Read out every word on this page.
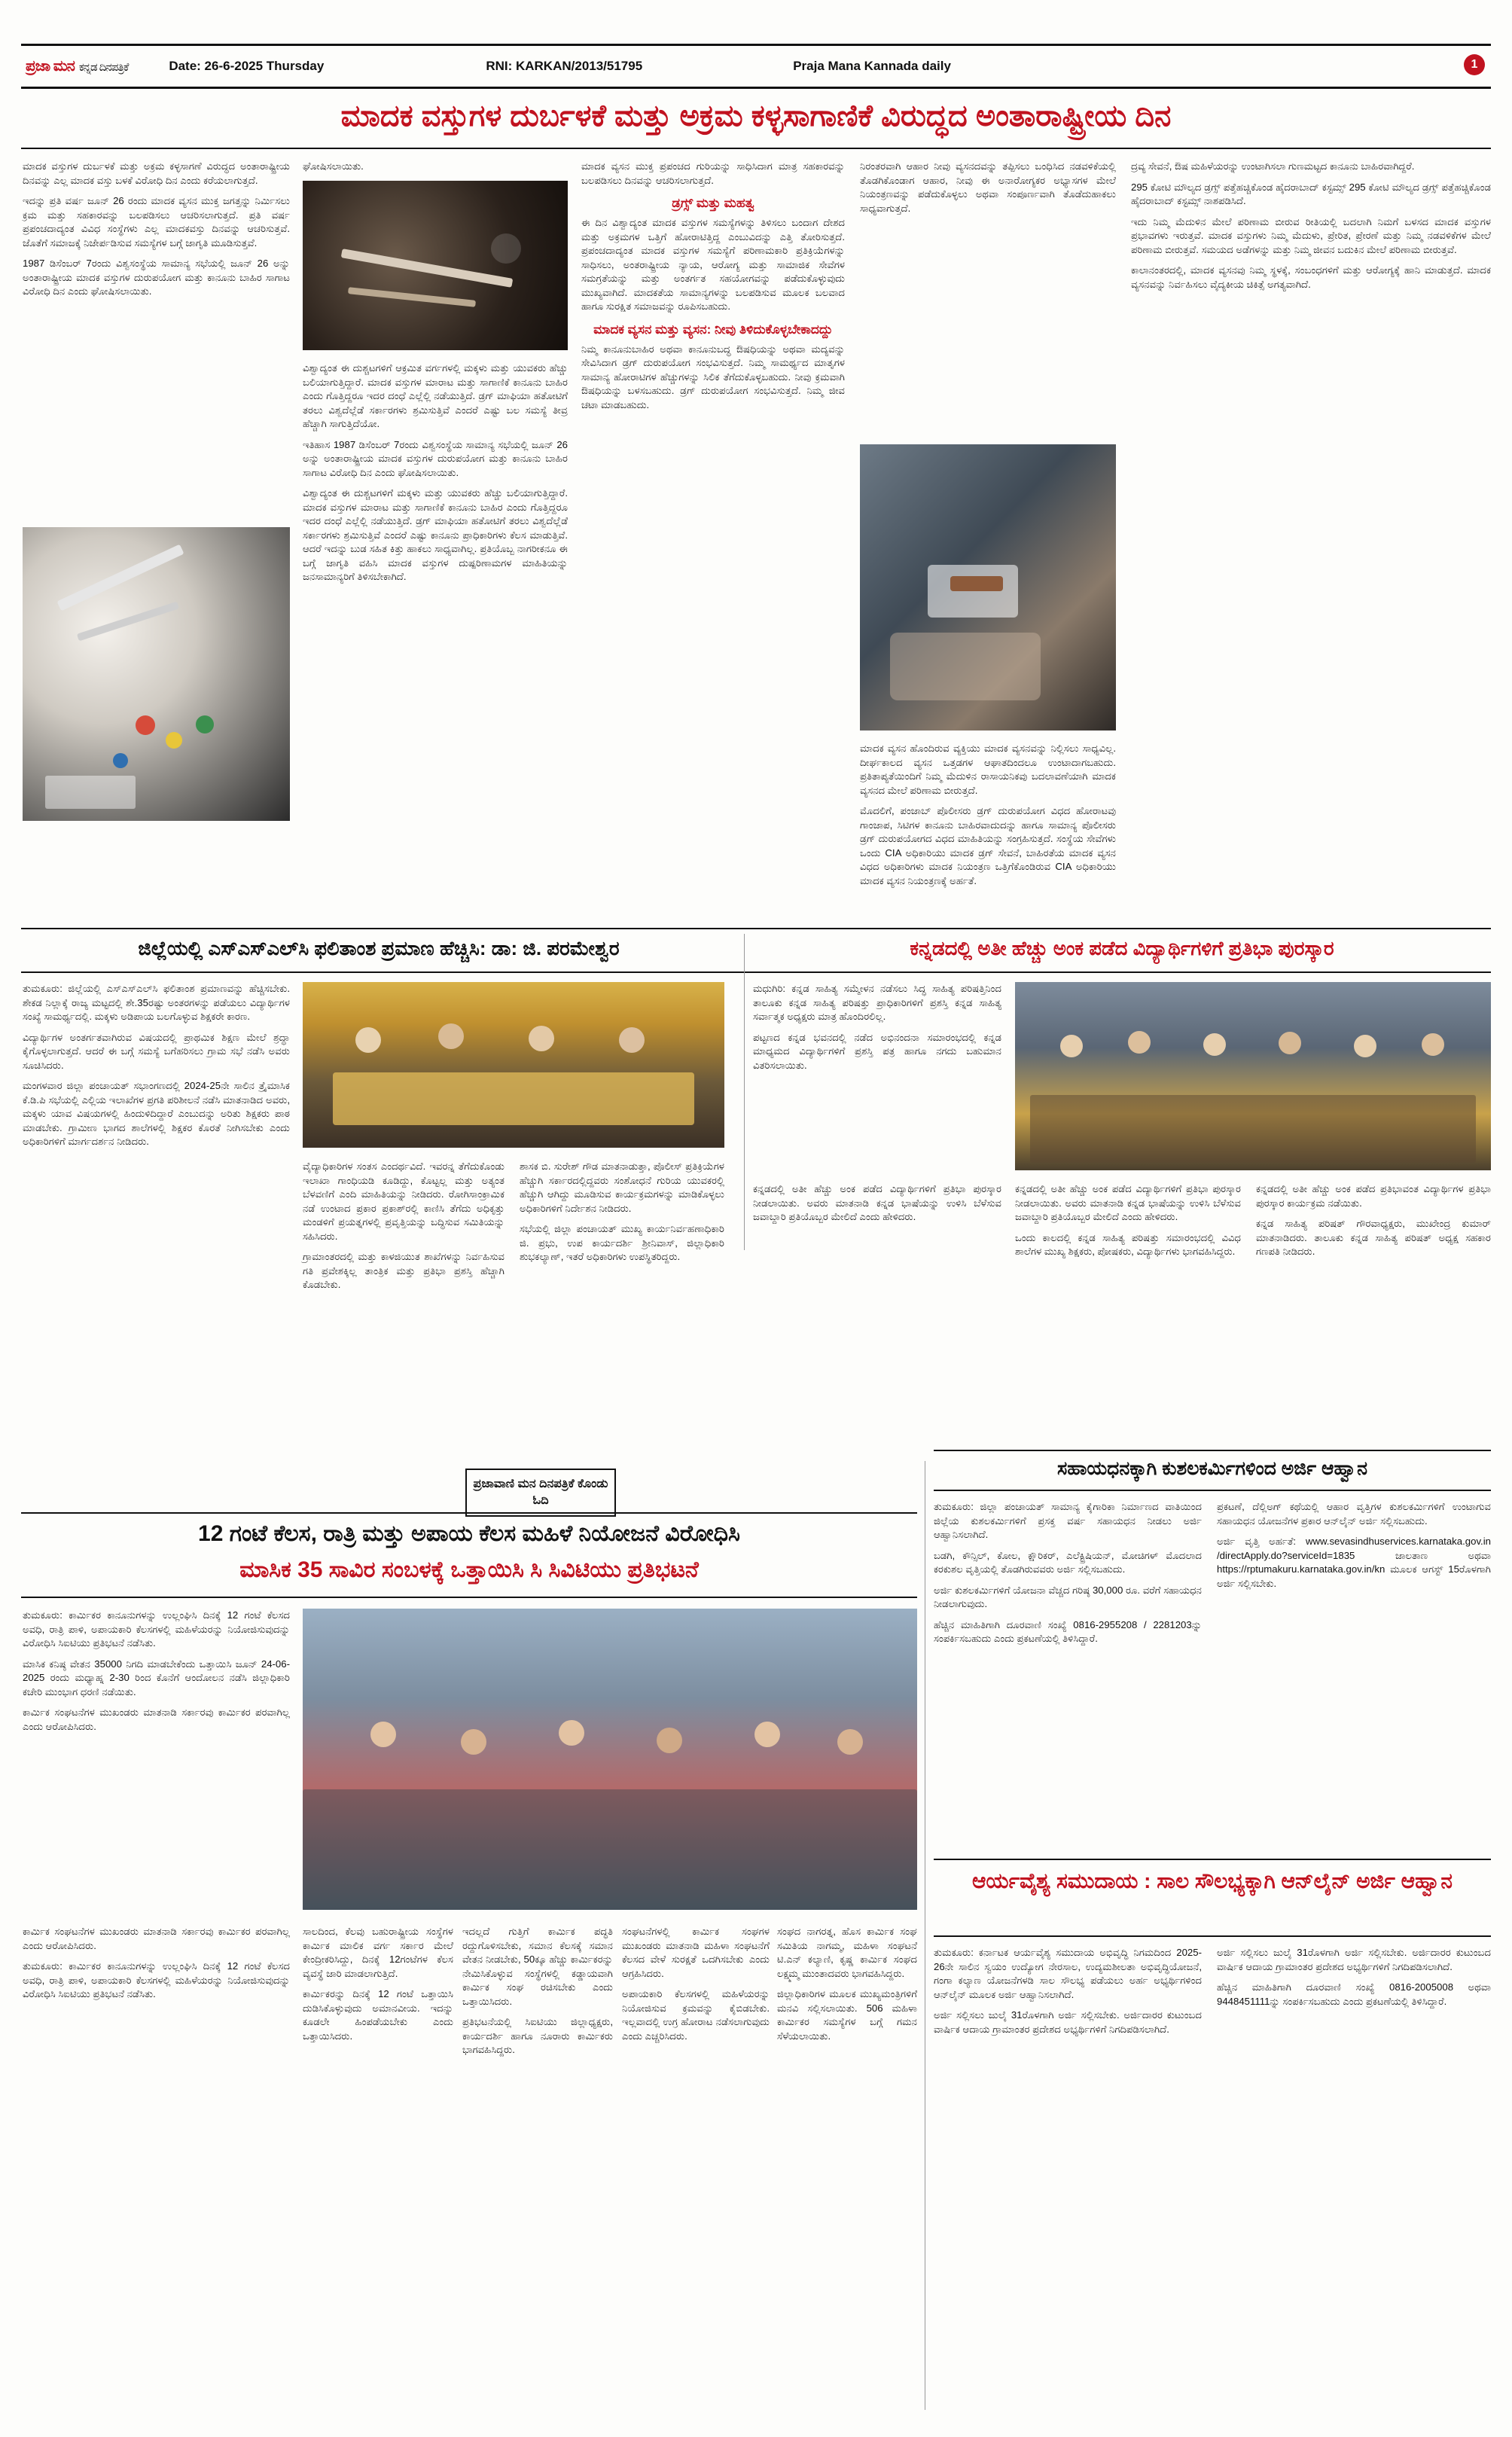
ಪ್ರಜಾ ಮನ ಕನ್ನಡ ದಿನಪತ್ರಿಕೆ	Date: 26-6-2025 Thursday	RNI: KARKAN/2013/51795	Praja Mana Kannada daily	1
ಮಾದಕ ವಸ್ತುಗಳ ದುರ್ಬಳಕೆ ಮತ್ತು ಅಕ್ರಮ ಕಳ್ಳಸಾಗಾಣಿಕೆ ವಿರುದ್ಧದ ಅಂತಾರಾಷ್ಟ್ರೀಯ ದಿನ

ಮಾದಕ ವಸ್ತುಗಳ ದುರ್ಬಳಕೆ ಮತ್ತು ಅಕ್ರಮ ಕಳ್ಳಸಾಗಣೆ ವಿರುದ್ಧದ ಅಂತಾರಾಷ್ಟ್ರೀಯ ದಿನವನ್ನು ಎಲ್ಲ ಮಾದಕ ವಸ್ತು ಬಳಕೆ ವಿರೋಧಿ ದಿನ ಎಂದು ಕರೆಯಲಾಗುತ್ತದೆ.

ಇದನ್ನು ಪ್ರತಿ ವರ್ಷ ಜೂನ್ 26 ರಂದು ಮಾದಕ ವ್ಯಸನ ಮುಕ್ತ ಜಗತ್ತನ್ನು ನಿರ್ಮಿಸಲು ಕ್ರಮ ಮತ್ತು ಸಹಕಾರವನ್ನು ಬಲಪಡಿಸಲು ಆಚರಿಸಲಾಗುತ್ತದೆ. ಪ್ರತಿ ವರ್ಷ ಪ್ರಪಂಚದಾದ್ಯಂತ ವಿವಿಧ ಸಂಸ್ಥೆಗಳು ಎಲ್ಲ ಮಾದಕವಸ್ತು ದಿನವನ್ನು ಆಚರಿಸುತ್ತವೆ. ಜೊತೆಗೆ ಸಮಾಜಕ್ಕೆ ನಿಜೇರ್ಪಡಿಸುವ ಸಮಸ್ಯೆಗಳ ಬಗ್ಗೆ ಜಾಗೃತಿ ಮೂಡಿಸುತ್ತವೆ.

1987 ಡಿಸೆಂಬರ್ 7ರಂದು ವಿಶ್ವಸಂಸ್ಥೆಯ ಸಾಮಾನ್ಯ ಸಭೆಯಲ್ಲಿ ಜೂನ್ 26 ಅನ್ನು ಅಂತಾರಾಷ್ಟ್ರೀಯ ಮಾದಕ ವಸ್ತುಗಳ ದುರುಪಯೋಗ ಮತ್ತು ಕಾನೂನು ಬಾಹಿರ ಸಾಗಾಟ ವಿರೋಧಿ ದಿನ ಎಂದು ಘೋಷಿಸಲಾಯಿತು.

ಘೋಷಿಸಲಾಯಿತು.

ವಿಶ್ವಾದ್ಯಂತ ಈ ದುಶ್ಚಟಗಳಿಗೆ ಆಕ್ರಮಿತ ವರ್ಗಗಳಲ್ಲಿ ಮಕ್ಕಳು ಮತ್ತು ಯುವಕರು ಹೆಚ್ಚು ಬಲಿಯಾಗುತ್ತಿದ್ದಾರೆ. ಮಾದಕ ವಸ್ತುಗಳ ಮಾರಾಟ ಮತ್ತು ಸಾಗಾಣಿಕೆ ಕಾನೂನು ಬಾಹಿರ ಎಂದು ಗೊತ್ತಿದ್ದರೂ ಇದರ ದಂಧೆ ಎಲ್ಲೆಲ್ಲಿ ನಡೆಯುತ್ತಿದೆ. ಡ್ರಗ್ ಮಾಫಿಯಾ ಹತೋಟಿಗೆ ತರಲು ವಿಶ್ವದೆಲ್ಲೆಡೆ ಸರ್ಕಾರಗಳು ಶ್ರಮಿಸುತ್ತಿವೆ ಎಂದರೆ ಎಷ್ಟು ಬಲ ಸಮಸ್ಯೆ ತೀವ್ರ ಹೆಚ್ಚಾಗಿ ಸಾಗುತ್ತಿದೆಯೋ.

ಇತಿಹಾಸ 1987 ಡಿಸೆಂಬರ್ 7ರಂದು ವಿಶ್ವಸಂಸ್ಥೆಯ ಸಾಮಾನ್ಯ ಸಭೆಯಲ್ಲಿ ಜೂನ್ 26 ಅನ್ನು ಅಂತಾರಾಷ್ಟ್ರೀಯ ಮಾದಕ ವಸ್ತುಗಳ ದುರುಪಯೋಗ ಮತ್ತು ಕಾನೂನು ಬಾಹಿರ ಸಾಗಾಟ ವಿರೋಧಿ ದಿನ ಎಂದು ಘೋಷಿಸಲಾಯಿತು.

ವಿಶ್ವಾದ್ಯಂತ ಈ ದುಶ್ಚಟಗಳಿಗೆ ಮಕ್ಕಳು ಮತ್ತು ಯುವಕರು ಹೆಚ್ಚು ಬಲಿಯಾಗುತ್ತಿದ್ದಾರೆ. ಮಾದಕ ವಸ್ತುಗಳ ಮಾರಾಟ ಮತ್ತು ಸಾಗಾಣಿಕೆ ಕಾನೂನು ಬಾಹಿರ ಎಂದು ಗೊತ್ತಿದ್ದರೂ ಇದರ ದಂಧೆ ಎಲ್ಲೆಲ್ಲಿ ನಡೆಯುತ್ತಿದೆ. ಡ್ರಗ್ ಮಾಫಿಯಾ ಹತೋಟಿಗೆ ತರಲು ವಿಶ್ವದೆಲ್ಲೆಡೆ ಸರ್ಕಾರಗಳು ಶ್ರಮಿಸುತ್ತಿವೆ ಎಂದರೆ ಎಷ್ಟು ಕಾನೂನು ಪ್ರಾಧಿಕಾರಿಗಳು ಕೆಲಸ ಮಾಡುತ್ತಿವೆ. ಆದರೆ ಇದನ್ನು ಬುಡ ಸಹಿತ ಕಿತ್ತು ಹಾಕಲು ಸಾಧ್ಯವಾಗಿಲ್ಲ. ಪ್ರತಿಯೊಬ್ಬ ನಾಗರೀಕನೂ ಈ ಬಗ್ಗೆ ಜಾಗೃತಿ ವಹಿಸಿ ಮಾದಕ ವಸ್ತುಗಳ ದುಷ್ಪರಿಣಾಮಗಳ ಮಾಹಿತಿಯನ್ನು ಜನಸಾಮಾನ್ಯರಿಗೆ ತಿಳಿಸಬೇಕಾಗಿದೆ.

ಮಾದಕ ವ್ಯಸನ ಮುಕ್ತ ಪ್ರಪಂಚದ ಗುರಿಯನ್ನು ಸಾಧಿಸಿದಾಗ ಮಾತ್ರ ಸಹಕಾರವನ್ನು ಬಲಪಡಿಸಲು ದಿನವನ್ನು ಆಚರಿಸಲಾಗುತ್ತದೆ.

ಡ್ರಗ್ಸ್ ಮತ್ತು ಮಹತ್ವ

ಈ ದಿನ ವಿಶ್ವಾದ್ಯಂತ ಮಾದಕ ವಸ್ತುಗಳ ಸಮಸ್ಯೆಗಳನ್ನು ತಿಳಿಸಲು ಬಂದಾಗ ದೇಶದ ಮತ್ತು ಅಕ್ರಮಗಳ ಒತ್ತಿಗೆ ಹೋರಾಟಿತ್ತಿದ್ದ ಎಂಬುವಿದನ್ನು ಎತ್ತಿ ತೋರಿಸುತ್ತದೆ. ಪ್ರಪಂಚದಾದ್ಯಂತ ಮಾದಕ ವಸ್ತುಗಳ ಸಮಸ್ಯೆಗೆ ಪರಿಣಾಮಕಾರಿ ಪ್ರತಿಕ್ರಿಯೆಗಳನ್ನು ಸಾಧಿಸಲು, ಅಂತರಾಷ್ಟ್ರೀಯ ನ್ಯಾಯ, ಆರೋಗ್ಯ ಮತ್ತು ಸಾಮಾಜಿಕ ಸೇವೆಗಳ ಸಮಗ್ರತೆಯನ್ನು ಮತ್ತು ಅಂತರ್ಗತ ಸಹಯೋಗವನ್ನು ಪಡೆದುಕೊಳ್ಳುವುದು ಮುಖ್ಯವಾಗಿದೆ. ಮಾದಕತೆಯ ಸಾಮಾನ್ಯಗಳನ್ನು ಬಲಪಡಿಸುವ ಮೂಲಕ ಬಲವಾದ ಹಾಗೂ ಸುರಕ್ಷಿತ ಸಮಾಜವನ್ನು ರೂಪಿಸಬಹುದು.

ಮಾದಕ ವ್ಯಸನ ಮತ್ತು ವ್ಯಸನ: ನೀವು ತಿಳಿದುಕೊಳ್ಳಬೇಕಾದದ್ದು

ನಿಮ್ಮ ಕಾನೂನುಬಾಹಿರ ಅಥವಾ ಕಾನೂನುಬದ್ಧ ಔಷಧಿಯನ್ನು ಅಥವಾ ಮದ್ಯವನ್ನು ಸೇವಿಸಿದಾಗ ಡ್ರಗ್ ದುರುಪಯೋಗ ಸಂಭವಿಸುತ್ತದೆ. ನಿಮ್ಮ ಸಾಮರ್ಥ್ಯದ ಮಾತೃಗಳ ಸಾಮಾನ್ಯ ಹೋರಾಟಿಗಳ ಹೆಚ್ಚುಗಳನ್ನು ಸಿಲಿಕ ತೆಗೆದುಕೊಳ್ಳಬಹುದು. ನೀವು ಕ್ರಮವಾಗಿ ಔಷಧಿಯನ್ನು ಬಳಸಬಹುದು. ಡ್ರಗ್ ದುರುಪಯೋಗ ಸಂಭವಿಸುತ್ತದೆ. ನಿಮ್ಮ ಜೀವ ಚಟಾ ಮಾಡಬಹುದು.

ನಿರಂತರವಾಗಿ ಆಹಾರ ನೀವು ವ್ಯಸನದವನ್ನು ತಪ್ಪಿಸಲು ಬಂಧಿಸಿದ ನಡವಳಿಕೆಯಲ್ಲಿ ತೊಡಗಿಕೊಂಡಾಗ ಆಹಾರ, ನೀವು ಈ ಅನಾರೋಗ್ಯಕರ ಅಭ್ಯಾಸಗಳ ಮೇಲೆ ನಿಯಂತ್ರಣವನ್ನು ಪಡೆದುಕೊಳ್ಳಲು ಅಥವಾ ಸಂಪೂರ್ಣವಾಗಿ ತೊಡೆದುಹಾಕಲು ಸಾಧ್ಯವಾಗುತ್ತದೆ.

ಮಾದಕ ವ್ಯಸನ ಹೊಂದಿರುವ ವ್ಯಕ್ತಿಯು ಮಾದಕ ವ್ಯಸನವನ್ನು ನಿಲ್ಲಿಸಲು ಸಾಧ್ಯವಿಲ್ಲ. ದೀರ್ಘಕಾಲದ ವ್ಯಸನ ಒತ್ತಡಗಳ ಆಘಾತದಿಂದಲೂ ಉಂಟಾದಾಗಬಹುದು. ಪ್ರತಿತಾಪ್ಯತೆಯಿಂದಿಗೆ ನಿಮ್ಮ ಮೆದುಳಿನ ರಾಸಾಯನಿಕವು ಬದಲಾವಣೆಯಾಗಿ ಮಾದಕ ವ್ಯಸನದ ಮೇಲೆ ಪರಿಣಾಮ ಬೀರುತ್ತದೆ.

ಮೊದಲಿಗೆ, ಪಂಜಾಬ್ ಪೊಲೀಸರು ಡ್ರಗ್ ದುರುಪಯೋಗ ವಿಧದ ಹೋರಾಟವು ಗಾಂಜಾಪ, ಸಿಟಿಗಳ ಕಾನೂನು ಬಾಹಿರವಾದುದನ್ನು ಹಾಗೂ ಸಾಮಾನ್ಯ ಪೊಲೀಸರು ಡ್ರಗ್ ದುರುಪಯೋಗದ ವಿಧದ ಮಾಹಿತಿಯನ್ನು ಸಂಗ್ರಹಿಸುತ್ತದೆ. ಸಂಸ್ಥೆಯ ಸೇವೆಗಳು ಒಂದು CIA ಅಧಿಕಾರಿಯು ಮಾದಕ ಡ್ರಗ್ ಸೇವನೆ, ಬಾಹಿರತೆಯ ಮಾದಕ ವ್ಯಸನ ವಿಧದ ಅಧಿಕಾರಿಗಳು ಮಾದಕ ನಿಯಂತ್ರಣ ಒತ್ತಿಗೆಕೊಂಡಿರುವ CIA ಅಧಿಕಾರಿಯು ಮಾದಕ ವ್ಯಸನ ನಿಯಂತ್ರಣಕ್ಕೆ ಅರ್ಹತೆ.

ದ್ರವ್ಯ ಸೇವನೆ, ಔಷ ಮಹಿಳೆಯರನ್ನು ಉಂಟಾಗಿಸಲಾ ಗುಣಮಟ್ಟದ ಕಾನೂನು ಬಾಹಿರವಾಗಿದ್ದರೆ.

295 ಕೋಟಿ ಮೌಲ್ಯದ ಡ್ರಗ್ಸ್ ಪತ್ತೆಹಚ್ಚಿಕೊಂಡ ಹೈದರಾಬಾದ್ ಕಸ್ಟಮ್ಸ್ 295 ಕೋಟಿ ಮೌಲ್ಯದ ಡ್ರಗ್ಸ್ ಪತ್ತೆಹಚ್ಚಿಕೊಂಡ ಹೈದರಾಬಾದ್ ಕಸ್ಟಮ್ಸ್ ನಾಶಪಡಿಸಿದೆ.

ಇದು ನಿಮ್ಮ ಮೆದುಳಿನ ಮೇಲೆ ಪರಿಣಾಮ ಬೀರುವ ರೀತಿಯಲ್ಲಿ ಬದಲಾಗಿ ನಿಮಗೆ ಬಳಸದ ಮಾದಕ ವಸ್ತುಗಳ ಪ್ರಭಾವಗಳು ಇರುತ್ತವೆ. ಮಾದಕ ವಸ್ತುಗಳು ನಿಮ್ಮ ಮೆದುಳು, ಪ್ರೇರಿತ, ಪ್ರೇರಣೆ ಮತ್ತು ನಿಮ್ಮ ನಡವಳಿಕೆಗಳ ಮೇಲೆ ಪರಿಣಾಮ ಬೀರುತ್ತವೆ. ಸಮಯದ ಅಡೆಗಳನ್ನು ಮತ್ತು ನಿಮ್ಮ ಜೀವನ ಬದುಕಿನ ಮೇಲೆ ಪರಿಣಾಮ ಬೀರುತ್ತವೆ.

ಕಾಲಾನಂತರದಲ್ಲಿ, ಮಾದಕ ವ್ಯಸನವು ನಿಮ್ಮ ಸ್ಥಳಕ್ಕೆ, ಸಂಬಂಧಗಳಿಗೆ ಮತ್ತು ಆರೋಗ್ಯಕ್ಕೆ ಹಾನಿ ಮಾಡುತ್ತದೆ. ಮಾದಕ ವ್ಯಸನವನ್ನು ನಿರ್ವಹಿಸಲು ವೈದ್ಯಕೀಯ ಚಿಕಿತ್ಸೆ ಅಗತ್ಯವಾಗಿದೆ.

ಜಿಲ್ಲೆಯಲ್ಲಿ ಎಸ್‌ಎಸ್‌ಎಲ್‌ಸಿ ಫಲಿತಾಂಶ ಪ್ರಮಾಣ ಹೆಚ್ಚಿಸಿ: ಡಾ: ಜಿ. ಪರಮೇಶ್ವರ	ಕನ್ನಡದಲ್ಲಿ ಅತೀ ಹೆಚ್ಚು ಅಂಕ ಪಡೆದ ವಿದ್ಯಾರ್ಥಿಗಳಿಗೆ ಪ್ರತಿಭಾ ಪುರಸ್ಕಾರ

ತುಮಕೂರು: ಜಿಲ್ಲೆಯಲ್ಲಿ ಎಸ್‌ಎಸ್‌ಎಲ್‌ಸಿ ಫಲಿತಾಂಶ ಪ್ರಮಾಣವನ್ನು ಹೆಚ್ಚಿಸಬೇಕು. ಶೇಕಡ ನಿಲ್ಲಾಕ್ಕೆ ರಾಜ್ಯ ಮಟ್ಟದಲ್ಲಿ ಶೇ.35ರಷ್ಟು ಅಂತರಗಳನ್ನು ಪಡೆಯಲು ವಿದ್ಯಾರ್ಥಿಗಳ ಸಂಖ್ಯೆ ಸಾಮರ್ಥ್ಯದಲ್ಲಿ. ಮಕ್ಕಳು ಅಡಿಪಾಯ ಬಲಗೊಳ್ಳುವ ಶಿಕ್ಷಕರೇ ಕಾರಣ.

ವಿದ್ಯಾರ್ಥಿಗಳ ಅಂತರ್ಗತವಾಗಿರುವ ವಿಷಯದಲ್ಲಿ ಪ್ರಾಥಮಿಕ ಶಿಕ್ಷಣ ಮೇಲೆ ಶ್ರದ್ಧಾ ಕೈಗೊಳ್ಳಲಾಗುತ್ತದೆ. ಆದರೆ ಈ ಬಗ್ಗೆ ಸಮಸ್ಯೆ ಬಗೆಹರಿಸಲು ಗ್ರಾಮ ಸಭೆ ನಡೆಸಿ ಅವರು ಸೂಚಿಸಿದರು.

ಮಂಗಳವಾರ ಜಿಲ್ಲಾ ಪಂಚಾಯತ್ ಸಭಾಂಗಣದಲ್ಲಿ 2024-25ನೇ ಸಾಲಿನ ತ್ರೈಮಾಸಿಕ ಕೆ.ಡಿ.ಪಿ ಸಭೆಯಲ್ಲಿ ಎಲ್ಲಿಯ ಇಲಾಖೆಗಳ ಪ್ರಗತಿ ಪರಿಶೀಲನೆ ನಡೆಸಿ ಮಾತನಾಡಿದ ಅವರು, ಮಕ್ಕಳು ಯಾವ ವಿಷಯಗಳಲ್ಲಿ ಹಿಂದುಳಿದಿದ್ದಾರೆ ಎಂಬುದನ್ನು ಅರಿತು ಶಿಕ್ಷಕರು ಪಾಠ ಮಾಡಬೇಕು. ಗ್ರಾಮೀಣ ಭಾಗದ ಶಾಲೆಗಳಲ್ಲಿ ಶಿಕ್ಷಕರ ಕೊರತೆ ನೀಗಿಸಬೇಕು ಎಂದು ಅಧಿಕಾರಿಗಳಿಗೆ ಮಾರ್ಗದರ್ಶನ ನೀಡಿದರು.

ವೈದ್ಯಾಧಿಕಾರಿಗಳ ಸಂತಸ ಎಂದರ್ಥವಿದೆ. ಇವರನ್ನ ತೆಗೆದುಕೊಂಡು ಇಲಾಖಾ ಗಾಂಧಿಯಡಿ ಕೂಡಿದ್ದು, ಕೊಟ್ಟಲ್ಲ ಮತ್ತು ಅತ್ಯಂತ ಬೆಳವಣಿಗೆ ಎಂದಿ ಮಾಹಿತಿಯನ್ನು ನೀಡಿದರು. ರೋಗಿಸಾಂಕ್ರಾಮಿಕ ನಡೆ ಉಂಟಾದ ಪ್ರಕಾರ ಪ್ರಕಾಶ್‌ರಲ್ಲಿ ಕಾಣಿಸಿ ತೆಗೆದು ಅಧಿಕೃತ್ತು ಮಂಡಳಿಗೆ ಪ್ರಯತ್ನಗಳಲ್ಲಿ ಪ್ರವೃತ್ತಿಯನ್ನು ಬದ್ಧಿಸುವ ಸಮಿತಿಯನ್ನು ಸಹಿಸಿದರು.

ಗ್ರಾಮಾಂತರದಲ್ಲಿ ಮತ್ತು ಕಾಳಜಿಯುತ ಶಾಖೆಗಳನ್ನು ನಿರ್ವಹಿಸುವ ಗತಿ ಪ್ರವೇಶಕ್ಕಿಲ್ಲ ತಾಂತ್ರಿಕ ಮತ್ತು ಪ್ರತಿಭಾ ಪ್ರಶಸ್ತಿ ಹೆಚ್ಚಾಗಿ ಕೊಡಬೇಕು.

ಶಾಸಕ ಬಿ. ಸುರೇಶ್ ಗೌಡ ಮಾತನಾಡುತ್ತಾ, ಪೊಲೀಸ್ ಪ್ರತಿಕ್ರಿಯೆಗಳ ಹೆಚ್ಚುಗಿ ಸರ್ಕಾರದಲ್ಲಿದ್ದವರು ಸಂಶೋಧನೆ ಗುರಿಯ ಯುವಕರಲ್ಲಿ ಹೆಚ್ಚುಗಿ ಆಗಿದ್ದು ಮೂಡಿಸುವ ಕಾರ್ಯಕ್ರಮಗಳನ್ನು ಮಾಡಿಕೊಳ್ಳಲು ಅಧಿಕಾರಿಗಳಿಗೆ ನಿರ್ದೇಶನ ನೀಡಿದರು.

ಸಭೆಯಲ್ಲಿ ಜಿಲ್ಲಾ ಪಂಚಾಯತ್ ಮುಖ್ಯ ಕಾರ್ಯನಿರ್ವಹಣಾಧಿಕಾರಿ ಜಿ. ಪ್ರಭು, ಉಪ ಕಾರ್ಯದರ್ಶಿ ಶ್ರೀನಿವಾಸ್, ಜಿಲ್ಲಾಧಿಕಾರಿ ಶುಭಕಲ್ಯಾಣ್, ಇತರೆ ಅಧಿಕಾರಿಗಳು ಉಪಸ್ಥಿತರಿದ್ದರು.

ಪ್ರಜಾವಾಣಿ ಮನ ದಿನಪತ್ರಿಕೆ ಕೊಂಡು ಓದಿ

ಮಧುಗಿರಿ: ಕನ್ನಡ ಸಾಹಿತ್ಯ ಸಮ್ಮೇಳನ ನಡೆಸಲು ಸಿದ್ಧ ಸಾಹಿತ್ಯ ಪರಿಷತ್ತಿನಿಂದ ತಾಲೂಕು ಕನ್ನಡ ಸಾಹಿತ್ಯ ಪರಿಷತ್ತು ಪ್ರಾಧಿಕಾರಿಗಳಿಗೆ ಪ್ರಶಸ್ತಿ ಕನ್ನಡ ಸಾಹಿತ್ಯ ಸರ್ವಾತ್ಮಕ ಅಧ್ಯಕ್ಷರು ಮಾತ್ರ ಹೊಂದಿರಲಿಲ್ಲ.

ಪಟ್ಟಣದ ಕನ್ನಡ ಭವನದಲ್ಲಿ ನಡೆದ ಅಭಿನಂದನಾ ಸಮಾರಂಭದಲ್ಲಿ ಕನ್ನಡ ಮಾಧ್ಯಮದ ವಿದ್ಯಾರ್ಥಿಗಳಿಗೆ ಪ್ರಶಸ್ತಿ ಪತ್ರ ಹಾಗೂ ನಗದು ಬಹುಮಾನ ವಿತರಿಸಲಾಯಿತು.

ಕನ್ನಡದಲ್ಲಿ ಅತೀ ಹೆಚ್ಚು ಅಂಕ ಪಡೆದ ವಿದ್ಯಾರ್ಥಿಗಳಿಗೆ ಪ್ರತಿಭಾ ಪುರಸ್ಕಾರ ನೀಡಲಾಯಿತು. ಅವರು ಮಾತನಾಡಿ ಕನ್ನಡ ಭಾಷೆಯನ್ನು ಉಳಿಸಿ ಬೆಳೆಸುವ ಜವಾಬ್ದಾರಿ ಪ್ರತಿಯೊಬ್ಬರ ಮೇಲಿದೆ ಎಂದು ಹೇಳಿದರು.

ಒಂದು ಕಾಲದಲ್ಲಿ ಕನ್ನಡ ಸಾಹಿತ್ಯ ಪರಿಷತ್ತು ಸಮಾರಂಭದಲ್ಲಿ ವಿವಿಧ ಶಾಲೆಗಳ ಮುಖ್ಯ ಶಿಕ್ಷಕರು, ಪೋಷಕರು, ವಿದ್ಯಾರ್ಥಿಗಳು ಭಾಗವಹಿಸಿದ್ದರು.

ಕನ್ನಡದಲ್ಲಿ ಅತೀ ಹೆಚ್ಚು ಅಂಕ ಪಡೆದ ಪ್ರತಿಭಾವಂತ ವಿದ್ಯಾರ್ಥಿಗಳ ಪ್ರತಿಭಾ ಪುರಸ್ಕಾರ ಕಾರ್ಯಕ್ರಮ ನಡೆಯಿತು.

ಕನ್ನಡ ಸಾಹಿತ್ಯ ಪರಿಷತ್ ಗೌರವಾಧ್ಯಕ್ಷರು, ಮುಖೇಂದ್ರ ಕುಮಾರ್ ಮಾತನಾಡಿದರು. ತಾಲೂಕು ಕನ್ನಡ ಸಾಹಿತ್ಯ ಪರಿಷತ್ ಅಧ್ಯಕ್ಷ ಸಹಕಾರ ಗಣಪತಿ ನೀಡಿದರು.

ಕನ್ನಡದಲ್ಲಿ ಅತೀ ಹೆಚ್ಚು ಅಂಕ ಪಡೆದ ವಿದ್ಯಾರ್ಥಿಗಳಿಗೆ ಪ್ರತಿಭಾ ಪುರಸ್ಕಾರ ನೀಡಲಾಯಿತು. ಅವರು ಮಾತನಾಡಿ ಕನ್ನಡ ಭಾಷೆಯನ್ನು ಉಳಿಸಿ ಬೆಳೆಸುವ ಜವಾಬ್ದಾರಿ ಪ್ರತಿಯೊಬ್ಬರ ಮೇಲಿದೆ ಎಂದು ಹೇಳಿದರು.

ಸಹಾಯಧನಕ್ಕಾಗಿ ಕುಶಲಕರ್ಮಿಗಳಿಂದ ಅರ್ಜಿ ಆಹ್ವಾನ

ತುಮಕೂರು: ಜಿಲ್ಲಾ ಪಂಚಾಯತ್ ಸಾಮಾನ್ಯ ಕೈಗಾರಿಕಾ ನಿರ್ಮಾಣದ ವಾತಿಯಿಂದ ಜಿಲ್ಲೆಯ ಕುಶಲಕರ್ಮಿಗಳಿಗೆ ಪ್ರಸಕ್ತ ವರ್ಷ ಸಹಾಯಧನ ನೀಡಲು ಅರ್ಜಿ ಆಹ್ವಾನಿಸಲಾಗಿದೆ.

ಬಡಗಿ, ಕೌನ್ಸಿಲ್, ಕೋಲ, ಕ್ಷೌರಿಕರ್, ಎಲೆಕ್ಟ್ರಿಷಿಯನ್, ಮೋಚಿಗಳ್ ಮೊದಲಾದ ಕರಕುಶಲ ವೃತ್ತಿಯಲ್ಲಿ ತೊಡಗಿರುವವರು ಅರ್ಜಿ ಸಲ್ಲಿಸಬಹುದು.

ಅರ್ಜಿ ಕುಶಲಕರ್ಮಿಗಳಿಗೆ ಯೋಜನಾ ವೆಚ್ಚದ ಗರಿಷ್ಠ 30,000 ರೂ. ವರೆಗೆ ಸಹಾಯಧನ ನೀಡಲಾಗುವುದು.

ಹೆಚ್ಚಿನ ಮಾಹಿತಿಗಾಗಿ ದೂರವಾಣಿ ಸಂಖ್ಯೆ 0816-2955208 / 2281203ನ್ನು ಸಂಪರ್ಕಿಸಬಹುದು ಎಂದು ಪ್ರಕಟಣೆಯಲ್ಲಿ ತಿಳಿಸಿದ್ದಾರೆ.

ಪ್ರಕಟಣೆ, ದೆಲ್ಲಿಅಗ್ ಕಥೆಯಲ್ಲಿ ಆಹಾರ ವೃತ್ತಿಗಳ ಕುಶಲಕರ್ಮಿಗಳಿಗೆ ಉಂಟಾಗುವ ಸಹಾಯಧನ ಯೋಜನೆಗಳ ಪ್ರಕಾರ ಆನ್‌ಲೈನ್ ಅರ್ಜಿ ಸಲ್ಲಿಸಬಹುದು.

ಅರ್ಜಿ ವೃತ್ತಿ ಅರ್ಹತೆ: www.sevasindhuservices.karnataka.gov.in /directApply.do?serviceId=1835 ಜಾಲತಾಣ ಅಥವಾ https://rptumakuru.karnataka.gov.in/kn ಮೂಲಕ ಆಗಸ್ಟ್ 15ರೊಳಗಾಗಿ ಅರ್ಜಿ ಸಲ್ಲಿಸಬೇಕು.

12 ಗಂಟೆ ಕೆಲಸ, ರಾತ್ರಿ ಮತ್ತು ಅಪಾಯ ಕೆಲಸ ಮಹಿಳೆ ನಿಯೋಜನೆ ವಿರೋಧಿಸಿ
ಮಾಸಿಕ 35 ಸಾವಿರ ಸಂಬಳಕ್ಕೆ ಒತ್ತಾಯಿಸಿ ಸಿ ಸಿವಿಟಿಯು ಪ್ರತಿಭಟನೆ

ತುಮಕೂರು: ಕಾರ್ಮಿಕರ ಕಾನೂನುಗಳನ್ನು ಉಲ್ಲಂಘಿಸಿ ದಿನಕ್ಕೆ 12 ಗಂಟೆ ಕೆಲಸದ ಅವಧಿ, ರಾತ್ರಿ ಪಾಳಿ, ಅಪಾಯಕಾರಿ ಕೆಲಸಗಳಲ್ಲಿ ಮಹಿಳೆಯರನ್ನು ನಿಯೋಜಿಸುವುದನ್ನು ವಿರೋಧಿಸಿ ಸಿಐಟಿಯು ಪ್ರತಿಭಟನೆ ನಡೆಸಿತು.

ಮಾಸಿಕ ಕನಿಷ್ಠ ವೇತನ 35000 ನಿಗದಿ ಮಾಡಬೇಕೆಂದು ಒತ್ತಾಯಿಸಿ ಜೂನ್ 24-06-2025 ರಂದು ಮಧ್ಯಾಹ್ನ 2-30 ರಿಂದ ಕೊನೆಗೆ ಆಂದೋಲನ ನಡೆಸಿ ಜಿಲ್ಲಾಧಿಕಾರಿ ಕಚೇರಿ ಮುಂಭಾಗ ಧರಣಿ ನಡೆಯಿತು.

ಕಾರ್ಮಿಕ ಸಂಘಟನೆಗಳ ಮುಖಂಡರು ಮಾತನಾಡಿ ಸರ್ಕಾರವು ಕಾರ್ಮಿಕರ ಪರವಾಗಿಲ್ಲ ಎಂದು ಆರೋಪಿಸಿದರು.

ಸಾಲದಿಂದ, ಕೆಲವು ಬಹುರಾಷ್ಟ್ರೀಯ ಸಂಸ್ಥೆಗಳ ಕಾರ್ಮಿಕ ಮಾಲಿಕ ವರ್ಗ ಸರ್ಕಾರ ಮೇಲೆ ಕೇಂದ್ರೀಕರಿಸಿದ್ದು, ದಿನಕ್ಕೆ 12ಗಂಟೆಗಳ ಕೆಲಸ ವ್ಯವಸ್ಥೆ ಜಾರಿ ಮಾಡಲಾಗುತ್ತಿದೆ.

ಕಾರ್ಮಿಕರನ್ನು ದಿನಕ್ಕೆ 12 ಗಂಟೆ ಒತ್ತಾಯಿಸಿ ದುಡಿಸಿಕೊಳ್ಳುವುದು ಅಮಾನವೀಯ. ಇದನ್ನು ಕೂಡಲೇ ಹಿಂಪಡೆಯಬೇಕು ಎಂದು ಒತ್ತಾಯಿಸಿದರು.

ಇದಲ್ಲದೆ ಗುತ್ತಿಗೆ ಕಾರ್ಮಿಕ ಪದ್ಧತಿ ರದ್ದುಗೊಳಿಸಬೇಕು, ಸಮಾನ ಕೆಲಸಕ್ಕೆ ಸಮಾನ ವೇತನ ನೀಡಬೇಕು, 50ಕ್ಕೂ ಹೆಚ್ಚು ಕಾರ್ಮಿಕರನ್ನು ನೇಮಿಸಿಕೊಳ್ಳುವ ಸಂಸ್ಥೆಗಳಲ್ಲಿ ಕಡ್ಡಾಯವಾಗಿ ಕಾರ್ಮಿಕ ಸಂಘ ರಚಿಸಬೇಕು ಎಂದು ಒತ್ತಾಯಿಸಿದರು.

ಪ್ರತಿಭಟನೆಯಲ್ಲಿ ಸಿಐಟಿಯು ಜಿಲ್ಲಾಧ್ಯಕ್ಷರು, ಕಾರ್ಯದರ್ಶಿ ಹಾಗೂ ನೂರಾರು ಕಾರ್ಮಿಕರು ಭಾಗವಹಿಸಿದ್ದರು.

ಸಂಘಟನೆಗಳಲ್ಲಿ ಕಾರ್ಮಿಕ ಸಂಘಗಳ ಮುಖಂಡರು ಮಾತನಾಡಿ ಮಹಿಳಾ ಸಂಘಟನೆಗೆ ಕೆಲಸದ ವೇಳೆ ಸುರಕ್ಷತೆ ಒದಗಿಸಬೇಕು ಎಂದು ಆಗ್ರಹಿಸಿದರು.

ಅಪಾಯಕಾರಿ ಕೆಲಸಗಳಲ್ಲಿ ಮಹಿಳೆಯರನ್ನು ನಿಯೋಜಿಸುವ ಕ್ರಮವನ್ನು ಕೈಬಿಡಬೇಕು. ಇಲ್ಲವಾದಲ್ಲಿ ಉಗ್ರ ಹೋರಾಟ ನಡೆಸಲಾಗುವುದು ಎಂದು ಎಚ್ಚರಿಸಿದರು.

ಸಂಘದ ನಾಗರತ್ನ, ಹೊಸ ಕಾರ್ಮಿಕ ಸಂಘ ಸಮಿತಿಯ ನಾಗಮ್ಮ, ಮಹಿಳಾ ಸಂಘಟನೆ ಟಿ.ಎನ್ ಕಲ್ಯಾಣಿ, ಕೃಷ್ಣ ಕಾರ್ಮಿಕ ಸಂಘದ ಲಕ್ಷ್ಮಮ್ಮ ಮುಂತಾದವರು ಭಾಗವಹಿಸಿದ್ದರು.

ಜಿಲ್ಲಾಧಿಕಾರಿಗಳ ಮೂಲಕ ಮುಖ್ಯಮಂತ್ರಿಗಳಿಗೆ ಮನವಿ ಸಲ್ಲಿಸಲಾಯಿತು. 506 ಮಹಿಳಾ ಕಾರ್ಮಿಕರ ಸಮಸ್ಯೆಗಳ ಬಗ್ಗೆ ಗಮನ ಸೆಳೆಯಲಾಯಿತು.

ಕಾರ್ಮಿಕ ಸಂಘಟನೆಗಳ ಮುಖಂಡರು ಮಾತನಾಡಿ ಸರ್ಕಾರವು ಕಾರ್ಮಿಕರ ಪರವಾಗಿಲ್ಲ ಎಂದು ಆರೋಪಿಸಿದರು.

ತುಮಕೂರು: ಕಾರ್ಮಿಕರ ಕಾನೂನುಗಳನ್ನು ಉಲ್ಲಂಘಿಸಿ ದಿನಕ್ಕೆ 12 ಗಂಟೆ ಕೆಲಸದ ಅವಧಿ, ರಾತ್ರಿ ಪಾಳಿ, ಅಪಾಯಕಾರಿ ಕೆಲಸಗಳಲ್ಲಿ ಮಹಿಳೆಯರನ್ನು ನಿಯೋಜಿಸುವುದನ್ನು ವಿರೋಧಿಸಿ ಸಿಐಟಿಯು ಪ್ರತಿಭಟನೆ ನಡೆಸಿತು.

ಆರ್ಯವೈಶ್ಯ ಸಮುದಾಯ : ಸಾಲ ಸೌಲಭ್ಯಕ್ಕಾಗಿ ಆನ್‌ಲೈನ್ ಅರ್ಜಿ ಆಹ್ವಾನ

ತುಮಕೂರು: ಕರ್ನಾಟಕ ಆರ್ಯವೈಶ್ಯ ಸಮುದಾಯ ಅಭಿವೃದ್ಧಿ ನಿಗಮದಿಂದ 2025-26ನೇ ಸಾಲಿನ ಸ್ವಯಂ ಉದ್ಯೋಗ ನೇರಸಾಲ, ಉದ್ಯಮಶೀಲತಾ ಅಭಿವೃದ್ಧಿಯೋಜನೆ, ಗಂಗಾ ಕಲ್ಯಾಣ ಯೋಜನೆಗಳಡಿ ಸಾಲ ಸೌಲಭ್ಯ ಪಡೆಯಲು ಅರ್ಹ ಅಭ್ಯರ್ಥಿಗಳಿಂದ ಆನ್‌ಲೈನ್ ಮೂಲಕ ಅರ್ಜಿ ಆಹ್ವಾನಿಸಲಾಗಿದೆ.

ಅರ್ಜಿ ಸಲ್ಲಿಸಲು ಜುಲೈ 31ರೊಳಗಾಗಿ ಅರ್ಜಿ ಸಲ್ಲಿಸಬೇಕು. ಅರ್ಜಿದಾರರ ಕುಟುಂಬದ ವಾರ್ಷಿಕ ಆದಾಯ ಗ್ರಾಮಾಂತರ ಪ್ರದೇಶದ ಅಭ್ಯರ್ಥಿಗಳಿಗೆ ನಿಗದಿಪಡಿಸಲಾಗಿದೆ.

ಅರ್ಜಿ ಸಲ್ಲಿಸಲು ಜುಲೈ 31ರೊಳಗಾಗಿ ಅರ್ಜಿ ಸಲ್ಲಿಸಬೇಕು. ಅರ್ಜಿದಾರರ ಕುಟುಂಬದ ವಾರ್ಷಿಕ ಆದಾಯ ಗ್ರಾಮಾಂತರ ಪ್ರದೇಶದ ಅಭ್ಯರ್ಥಿಗಳಿಗೆ ನಿಗದಿಪಡಿಸಲಾಗಿದೆ.

ಹೆಚ್ಚಿನ ಮಾಹಿತಿಗಾಗಿ ದೂರವಾಣಿ ಸಂಖ್ಯೆ 0816-2005008 ಅಥವಾ 9448451111ನ್ನು ಸಂಪರ್ಕಿಸಬಹುದು ಎಂದು ಪ್ರಕಟಣೆಯಲ್ಲಿ ತಿಳಿಸಿದ್ದಾರೆ.
